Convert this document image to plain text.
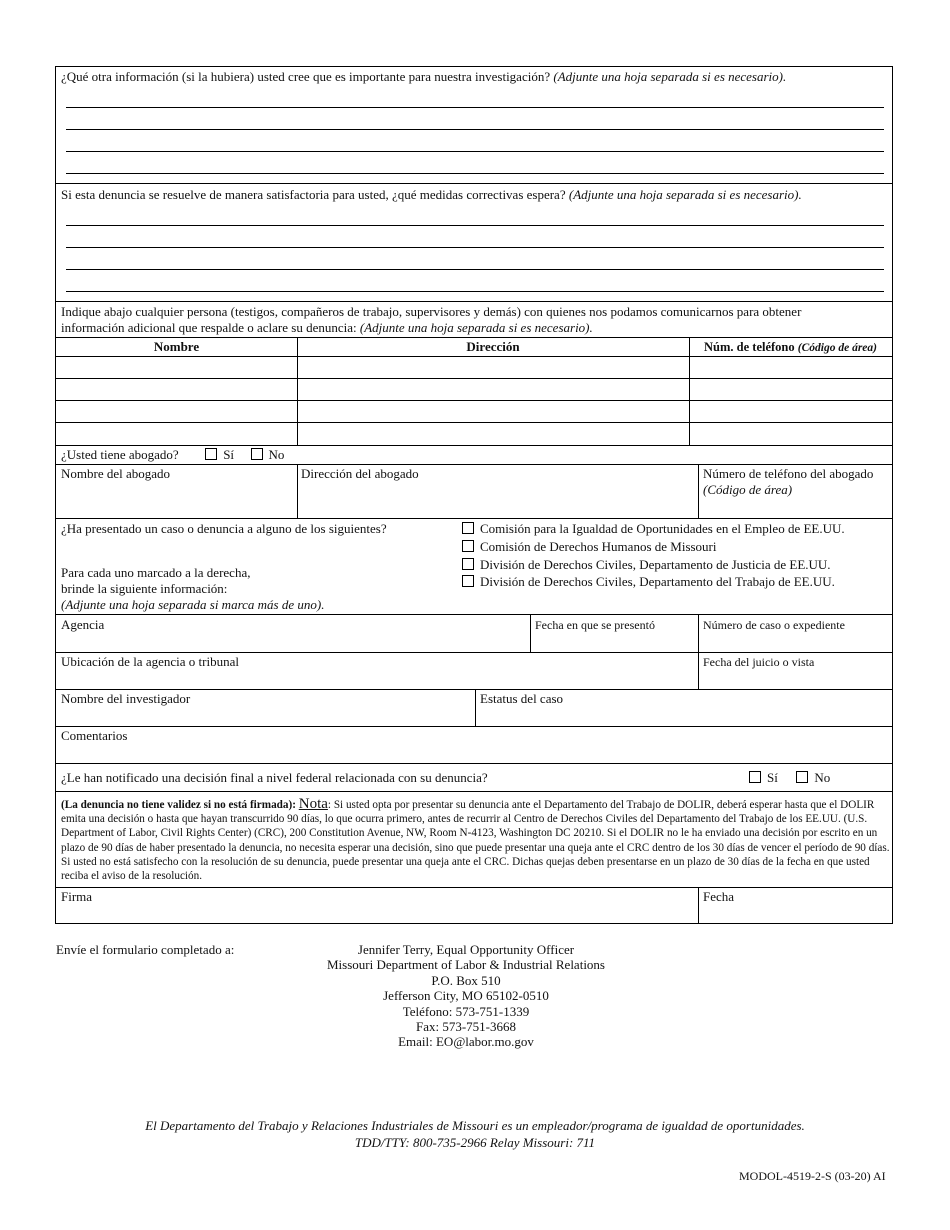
¿Qué otra información (si la hubiera) usted cree que es importante para nuestra investigación? (Adjunte una hoja separada si es necesario).
Si esta denuncia se resuelve de manera satisfactoria para usted, ¿qué medidas correctivas espera? (Adjunte una hoja separada si es necesario).
Indique abajo cualquier persona (testigos, compañeros de trabajo, supervisores y demás) con quienes nos podamos comunicarnos para obtener
información adicional que respalde o aclare su denuncia: (Adjunte una hoja separada si es necesario).
Nombre	Dirección	Núm. de teléfono (Código de área)
¿Usted tiene abogado?	Sí	No
Nombre del abogado	Dirección del abogado	Número de teléfono del abogado
(Código de área)
¿Ha presentado un caso o denuncia a alguno de los siguientes?
Para cada uno marcado a la derecha,
brinde la siguiente información:
(Adjunte una hoja separada si marca más de uno).
Comisión para la Igualdad de Oportunidades en el Empleo de EE.UU.
Comisión de Derechos Humanos de Missouri
División de Derechos Civiles, Departamento de Justicia de EE.UU.
División de Derechos Civiles, Departamento del Trabajo de EE.UU.
Agencia	Fecha en que se presentó	Número de caso o expediente
Ubicación de la agencia o tribunal	Fecha del juicio o vista
Nombre del investigador	Estatus del caso
Comentarios
¿Le han notificado una decisión final a nivel federal relacionada con su denuncia?	Sí	No
(La denuncia no tiene validez si no está firmada): Nota: Si usted opta por presentar su denuncia ante el Departamento del Trabajo de DOLIR, deberá esperar hasta que el DOLIR emita una decisión o hasta que hayan transcurrido 90 días, lo que ocurra primero, antes de recurrir al Centro de Derechos Civiles del Departamento del Trabajo de los EE.UU. (U.S. Department of Labor, Civil Rights Center) (CRC), 200 Constitution Avenue, NW, Room N-4123, Washington DC 20210. Si el DOLIR no le ha enviado una decisión por escrito en un plazo de 90 días de haber presentado la denuncia, no necesita esperar una decisión, sino que puede presentar una queja ante el CRC dentro de los 30 días de vencer el período de 90 días. Si usted no está satisfecho con la resolución de su denuncia, puede presentar una queja ante el CRC. Dichas quejas deben presentarse en un plazo de 30 días de la fecha en que usted reciba el aviso de la resolución.
Firma	Fecha
Envíe el formulario completado a:	Jennifer Terry, Equal Opportunity Officer
Missouri Department of Labor & Industrial Relations
P.O. Box 510
Jefferson City, MO 65102-0510
Teléfono: 573-751-1339
Fax: 573-751-3668
Email: EO@labor.mo.gov
El Departamento del Trabajo y Relaciones Industriales de Missouri es un empleador/programa de igualdad de oportunidades.
TDD/TTY: 800-735-2966 Relay Missouri: 711
MODOL-4519-2-S (03-20) AI
